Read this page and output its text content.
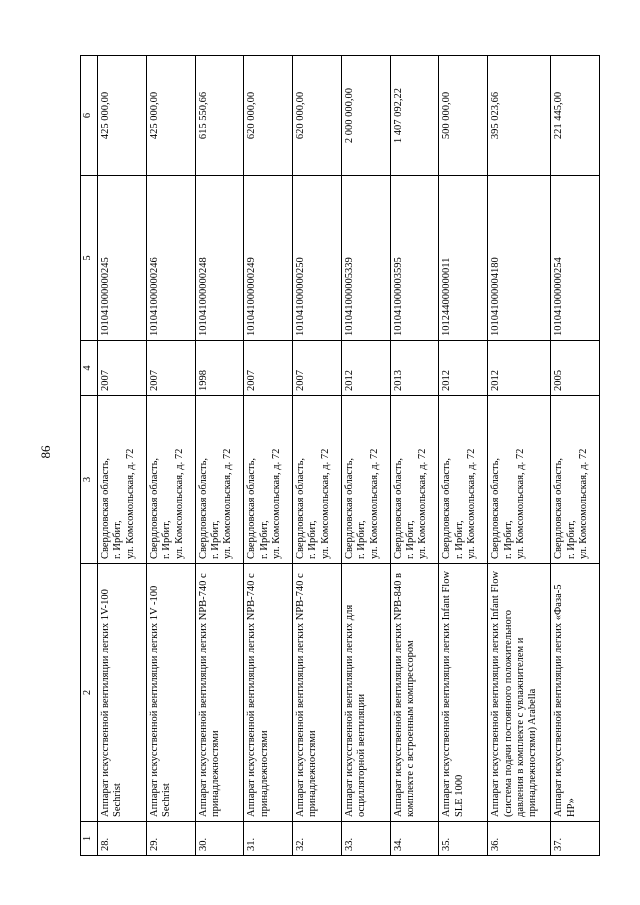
86
1	2	3	4	5	6
28.	Аппарат искусственной вентиляции легких 1V-100 Sechrist	Свердловская область,
г. Ирбит,
ул. Комсомольская, д. 72	2007	101041000000245	425 000,00
29.	Аппарат искусственной вентиляции легких 1V -100 Sechrist	Свердловская область,
г. Ирбит,
ул. Комсомольская, д. 72	2007	101041000000246	425 000,00
30.	Аппарат искусственной вентиляции легких NPB-740 с принадлежностями	Свердловская область,
г. Ирбит,
ул. Комсомольская, д. 72	1998	101041000000248	615 550,66
31.	Аппарат искусственной вентиляции легких NPB-740 с принадлежностями	Свердловская область,
г. Ирбит,
ул. Комсомольская, д. 72	2007	101041000000249	620 000,00
32.	Аппарат искусственной вентиляции легких NPB-740 с принадлежностями	Свердловская область,
г. Ирбит,
ул. Комсомольская, д. 72	2007	101041000000250	620 000,00
33.	Аппарат искусственной вентиляции легких для осцилляторной вентиляции	Свердловская область,
г. Ирбит,
ул. Комсомольская, д. 72	2012	101041000005339	2 000 000,00
34.	Аппарат искусственной вентиляции легких NPB-840 в комплекте с встроенным компрессором	Свердловская область,
г. Ирбит,
ул. Комсомольская, д. 72	2013	101041000003595	1 407 092,22
35.	Аппарат искусственной вентиляции легких Infant Flow SLE 1000	Свердловская область,
г. Ирбит,
ул. Комсомольская, д. 72	2012	101244000000011	500 000,00
36.	Аппарат искусственной вентиляции легких Infant Flow (система подачи постоянного положительного давления в комплекте с увлажнителем и принадлежностями) Arabella	Свердловская область,
г. Ирбит,
ул. Комсомольская, д. 72	2012	101041000004180	395 023,66
37.	Аппарат искусственной вентиляции легких «Фаза-5 НР»	Свердловская область,
г. Ирбит,
ул. Комсомольская, д. 72	2005	101041000000254	221 445,00
